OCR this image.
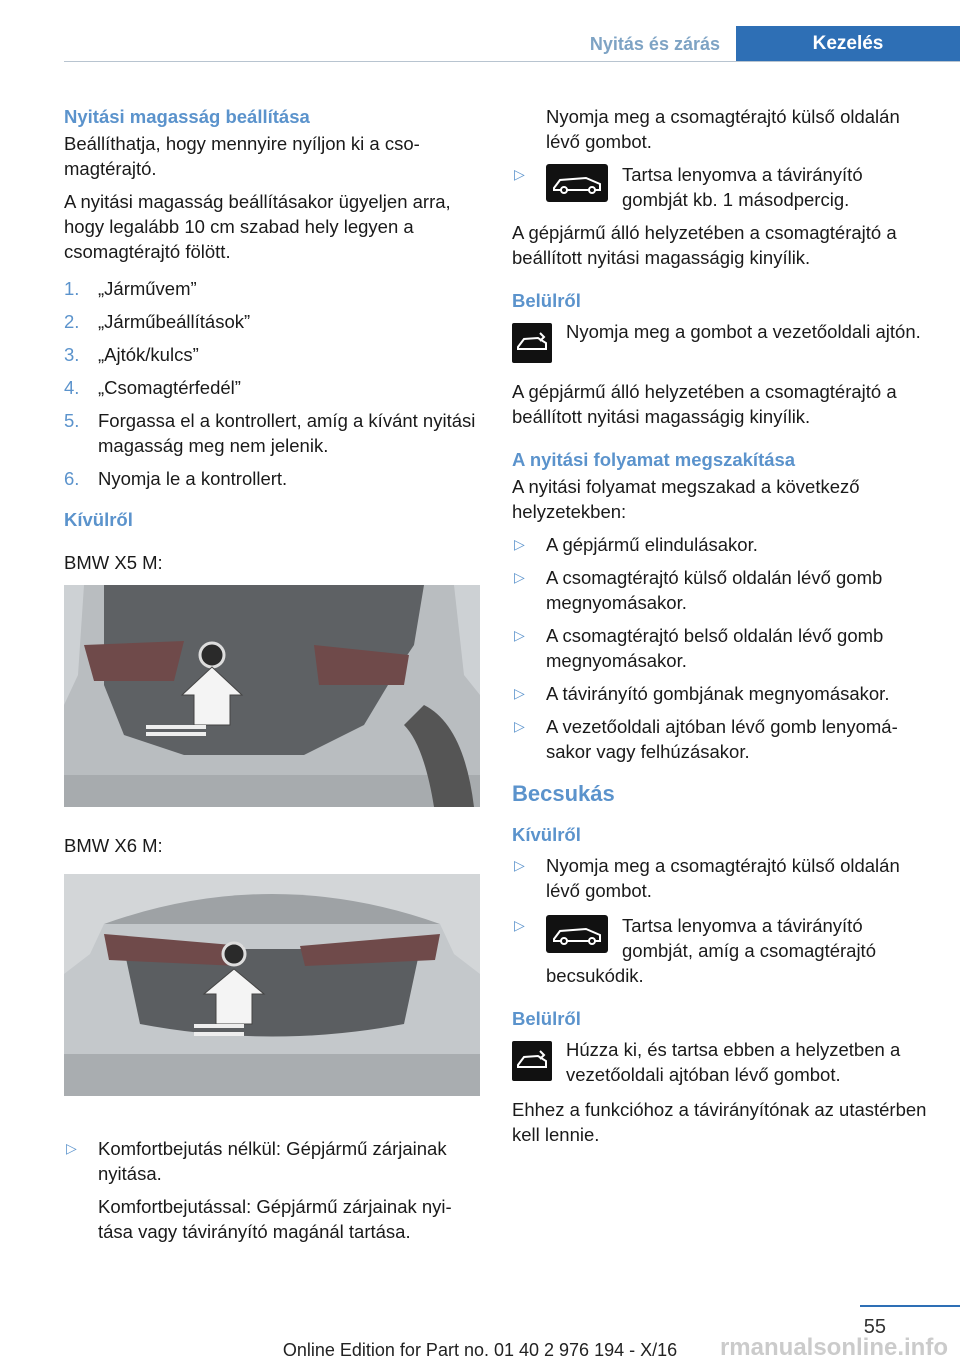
Nyitás és zárás	Kezelés
Nyitási magasság beállítása

Beállíthatja, hogy mennyire nyíljon ki a csomagtérajtó.

A nyitási magasság beállításakor ügyeljen arra, hogy legalább 10 cm szabad hely legyen a csomagtérajtó fölött.

1. „Járművem”
2. „Járműbeállítások”
3. „Ajtók/kulcs”
4. „Csomagtérfedél”
5. Forgassa el a kontrollert, amíg a kívánt nyitási magasság meg nem jelenik.
6. Nyomja le a kontrollert.
Kívülről

BMW X5 M:

BMW X6 M:

▷ Komfortbejutás nélkül: Gépjármű zárjainak nyitása.
Komfortbejutással: Gépjármű zárjainak nyitása vagy távirányító magánál tartása.

Nyomja meg a csomagtérajtó külső oldalán lévő gombot.

▷	Tartsa lenyomva a távirányító gombját kb. 1 másodpercig.

A gépjármű álló helyzetében a csomagtérajtó a beállított nyitási magasságig kinyílik.

Belülről
Nyomja meg a gombot a vezetőoldali ajtón.

A gépjármű álló helyzetében a csomagtérajtó a beállított nyitási magasságig kinyílik.

A nyitási folyamat megszakítása

A nyitási folyamat megszakad a következő helyzetekben:

▷ A gépjármű elindulásakor.
▷ A csomagtérajtó külső oldalán lévő gomb megnyomásakor.
▷ A csomagtérajtó belső oldalán lévő gomb megnyomásakor.
▷ A távirányító gombjának megnyomásakor.
▷ A vezetőoldali ajtóban lévő gomb lenyomásakor vagy felhúzásakor.
Becsukás
Kívülről
▷ Nyomja meg a csomagtérajtó külső oldalán lévő gombot.
▷	Tartsa lenyomva a távirányító gombját, amíg a csomagtérajtó becsukódik.
Belülről
Húzza ki, és tartsa ebben a helyzetben a vezetőoldali ajtóban lévő gombot.

Ehhez a funkcióhoz a távirányítónak az utastérben kell lennie.

55
Online Edition for Part no. 01 40 2 976 194 - X/16	rmanualsonline.info
